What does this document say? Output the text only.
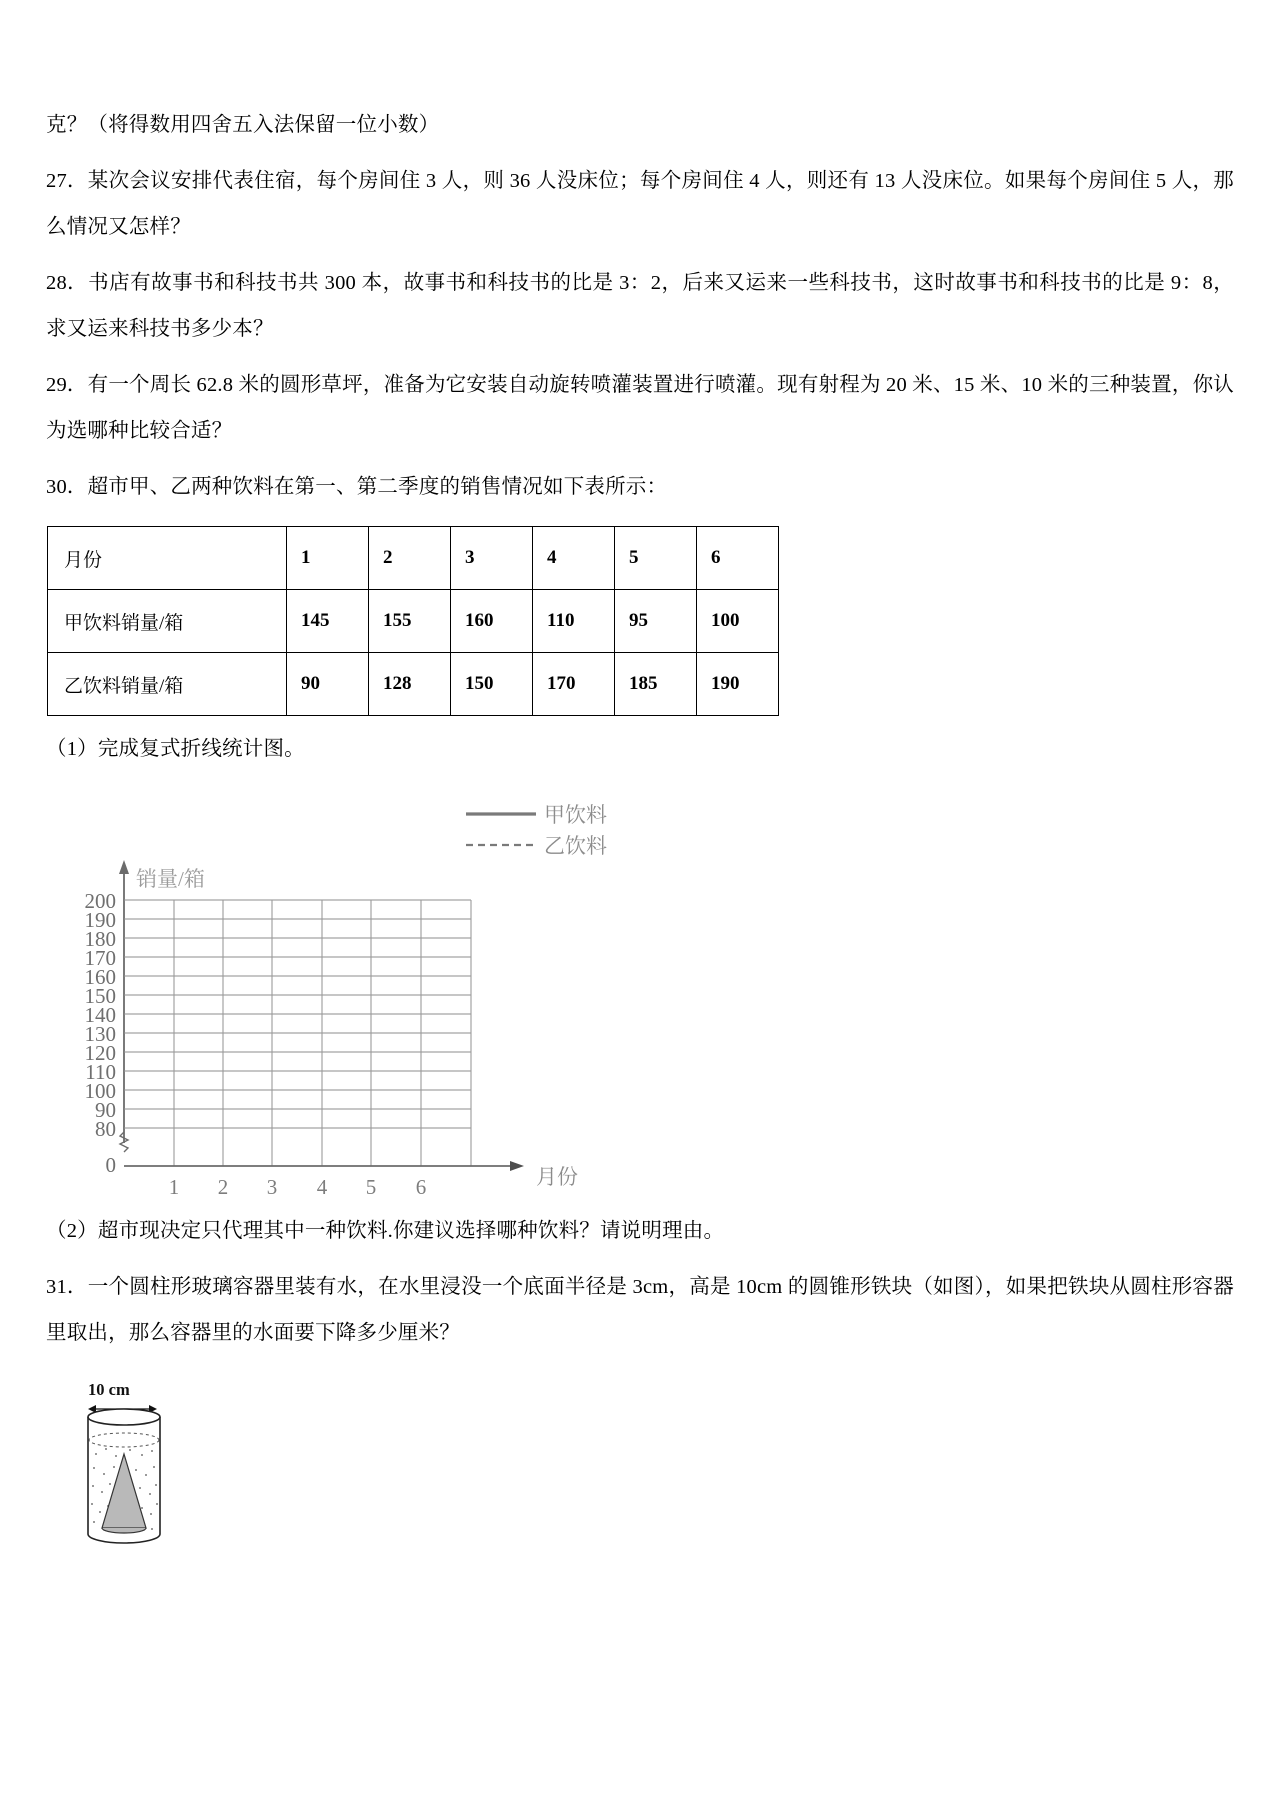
克？（将得数用四舍五入法保留一位小数）

27．某次会议安排代表住宿，每个房间住 3 人，则 36 人没床位；每个房间住 4 人，则还有 13 人没床位。如果每个房间住 5 人，那么情况又怎样？

28．书店有故事书和科技书共 300 本，故事书和科技书的比是 3：2，后来又运来一些科技书，这时故事书和科技书的比是 9：8，求又运来科技书多少本？

29．有一个周长 62.8 米的圆形草坪，准备为它安装自动旋转喷灌装置进行喷灌。现有射程为 20 米、15 米、10 米的三种装置，你认为选哪种比较合适？

30．超市甲、乙两种饮料在第一、第二季度的销售情况如下表所示：

月份	1	2	3	4	5	6
甲饮料销量/箱	145	155	160	110	95	100
乙饮料销量/箱	90	128	150	170	185	190

（1）完成复式折线统计图。

甲饮料
乙饮料
销量/箱
月份
200
190
180
170
160
150
140
130
120
110
100
90
80
0
1 2 3 4 5 6

（2）超市现决定只代理其中一种饮料.你建议选择哪种饮料？请说明理由。

31．一个圆柱形玻璃容器里装有水，在水里浸没一个底面半径是 3cm，高是 10cm 的圆锥形铁块（如图），如果把铁块从圆柱形容器里取出，那么容器里的水面要下降多少厘米？

10 cm
